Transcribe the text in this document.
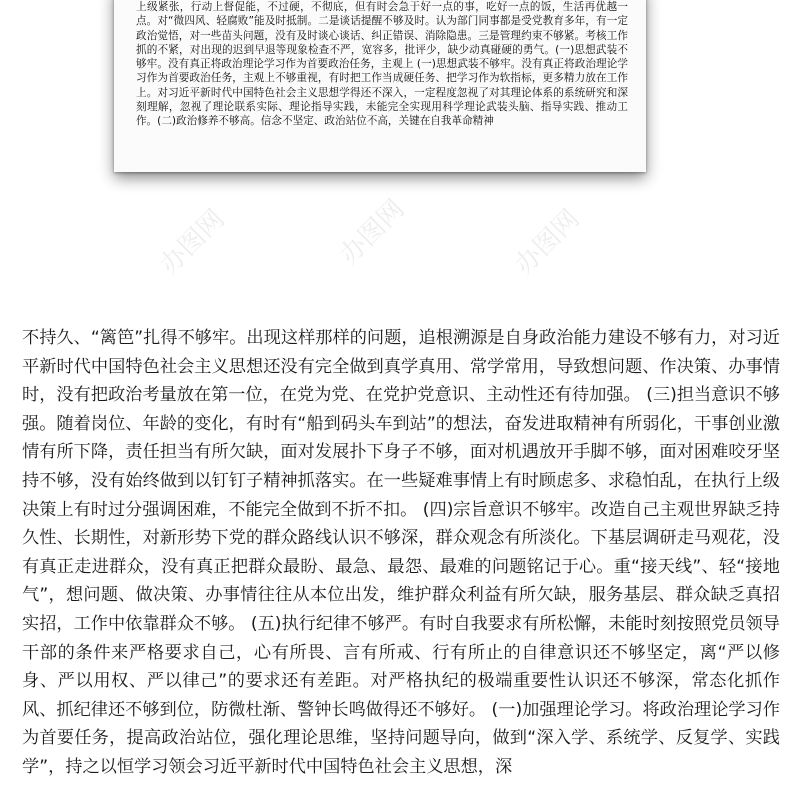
办图网	办图网	办图网
上级紧张，行动上督促能，不过硬，不彻底，但有时会急于好一点的事，吃好一点的饭，生活再优越一点。对“微四风、轻腐败”能及时抵制。二是谈话提醒不够及时。认为部门同事都是受党教育多年，有一定政治觉悟，对一些苗头问题，没有及时谈心谈话、纠正错误、消除隐患。三是管理约束不够紧。考核工作抓的不紧，对出现的迟到早退等现象检查不严，宽容多，批评少，缺少动真碰硬的勇气。(一)思想武装不够牢。没有真正将政治理论学习作为首要政治任务，主观上 (一)思想武装不够牢。没有真正将政治理论学习作为首要政治任务，主观上不够重视，有时把工作当成硬任务、把学习作为软指标，更多精力放在工作上。对习近平新时代中国特色社会主义思想学得还不深入，一定程度忽视了对其理论体系的系统研究和深刻理解，忽视了理论联系实际、理论指导实践，未能完全实现用科学理论武装头脑、指导实践、推动工作。(二)政治修养不够高。信念不坚定、政治站位不高，关键在自我革命精神
不持久、“篱笆”扎得不够牢。出现这样那样的问题，追根溯源是自身政治能力建设不够有力，对习近平新时代中国特色社会主义思想还没有完全做到真学真用、常学常用，导致想问题、作决策、办事情时，没有把政治考量放在第一位，在党为党、在党护党意识、主动性还有待加强。 (三)担当意识不够强。随着岗位、年龄的变化，有时有“船到码头车到站”的想法，奋发进取精神有所弱化，干事创业激情有所下降，责任担当有所欠缺，面对发展扑下身子不够，面对机遇放开手脚不够，面对困难咬牙坚持不够，没有始终做到以钉钉子精神抓落实。在一些疑难事情上有时顾虑多、求稳怕乱，在执行上级决策上有时过分强调困难，不能完全做到不折不扣。 (四)宗旨意识不够牢。改造自己主观世界缺乏持久性、长期性，对新形势下党的群众路线认识不够深，群众观念有所淡化。下基层调研走马观花，没有真正走进群众，没有真正把群众最盼、最急、最怨、最难的问题铭记于心。重“接天线”、轻“接地气”，想问题、做决策、办事情往往从本位出发，维护群众利益有所欠缺，服务基层、群众缺乏真招实招，工作中依靠群众不够。 (五)执行纪律不够严。有时自我要求有所松懈，未能时刻按照党员领导干部的条件来严格要求自己，心有所畏、言有所戒、行有所止的自律意识还不够坚定，离“严以修身、严以用权、严以律己”的要求还有差距。对严格执纪的极端重要性认识还不够深，常态化抓作风、抓纪律还不够到位，防微杜渐、警钟长鸣做得还不够好。 (一)加强理论学习。将政治理论学习作为首要任务，提高政治站位，强化理论思维，坚持问题导向，做到“深入学、系统学、反复学、实践学”，持之以恒学习领会习近平新时代中国特色社会主义思想，深
